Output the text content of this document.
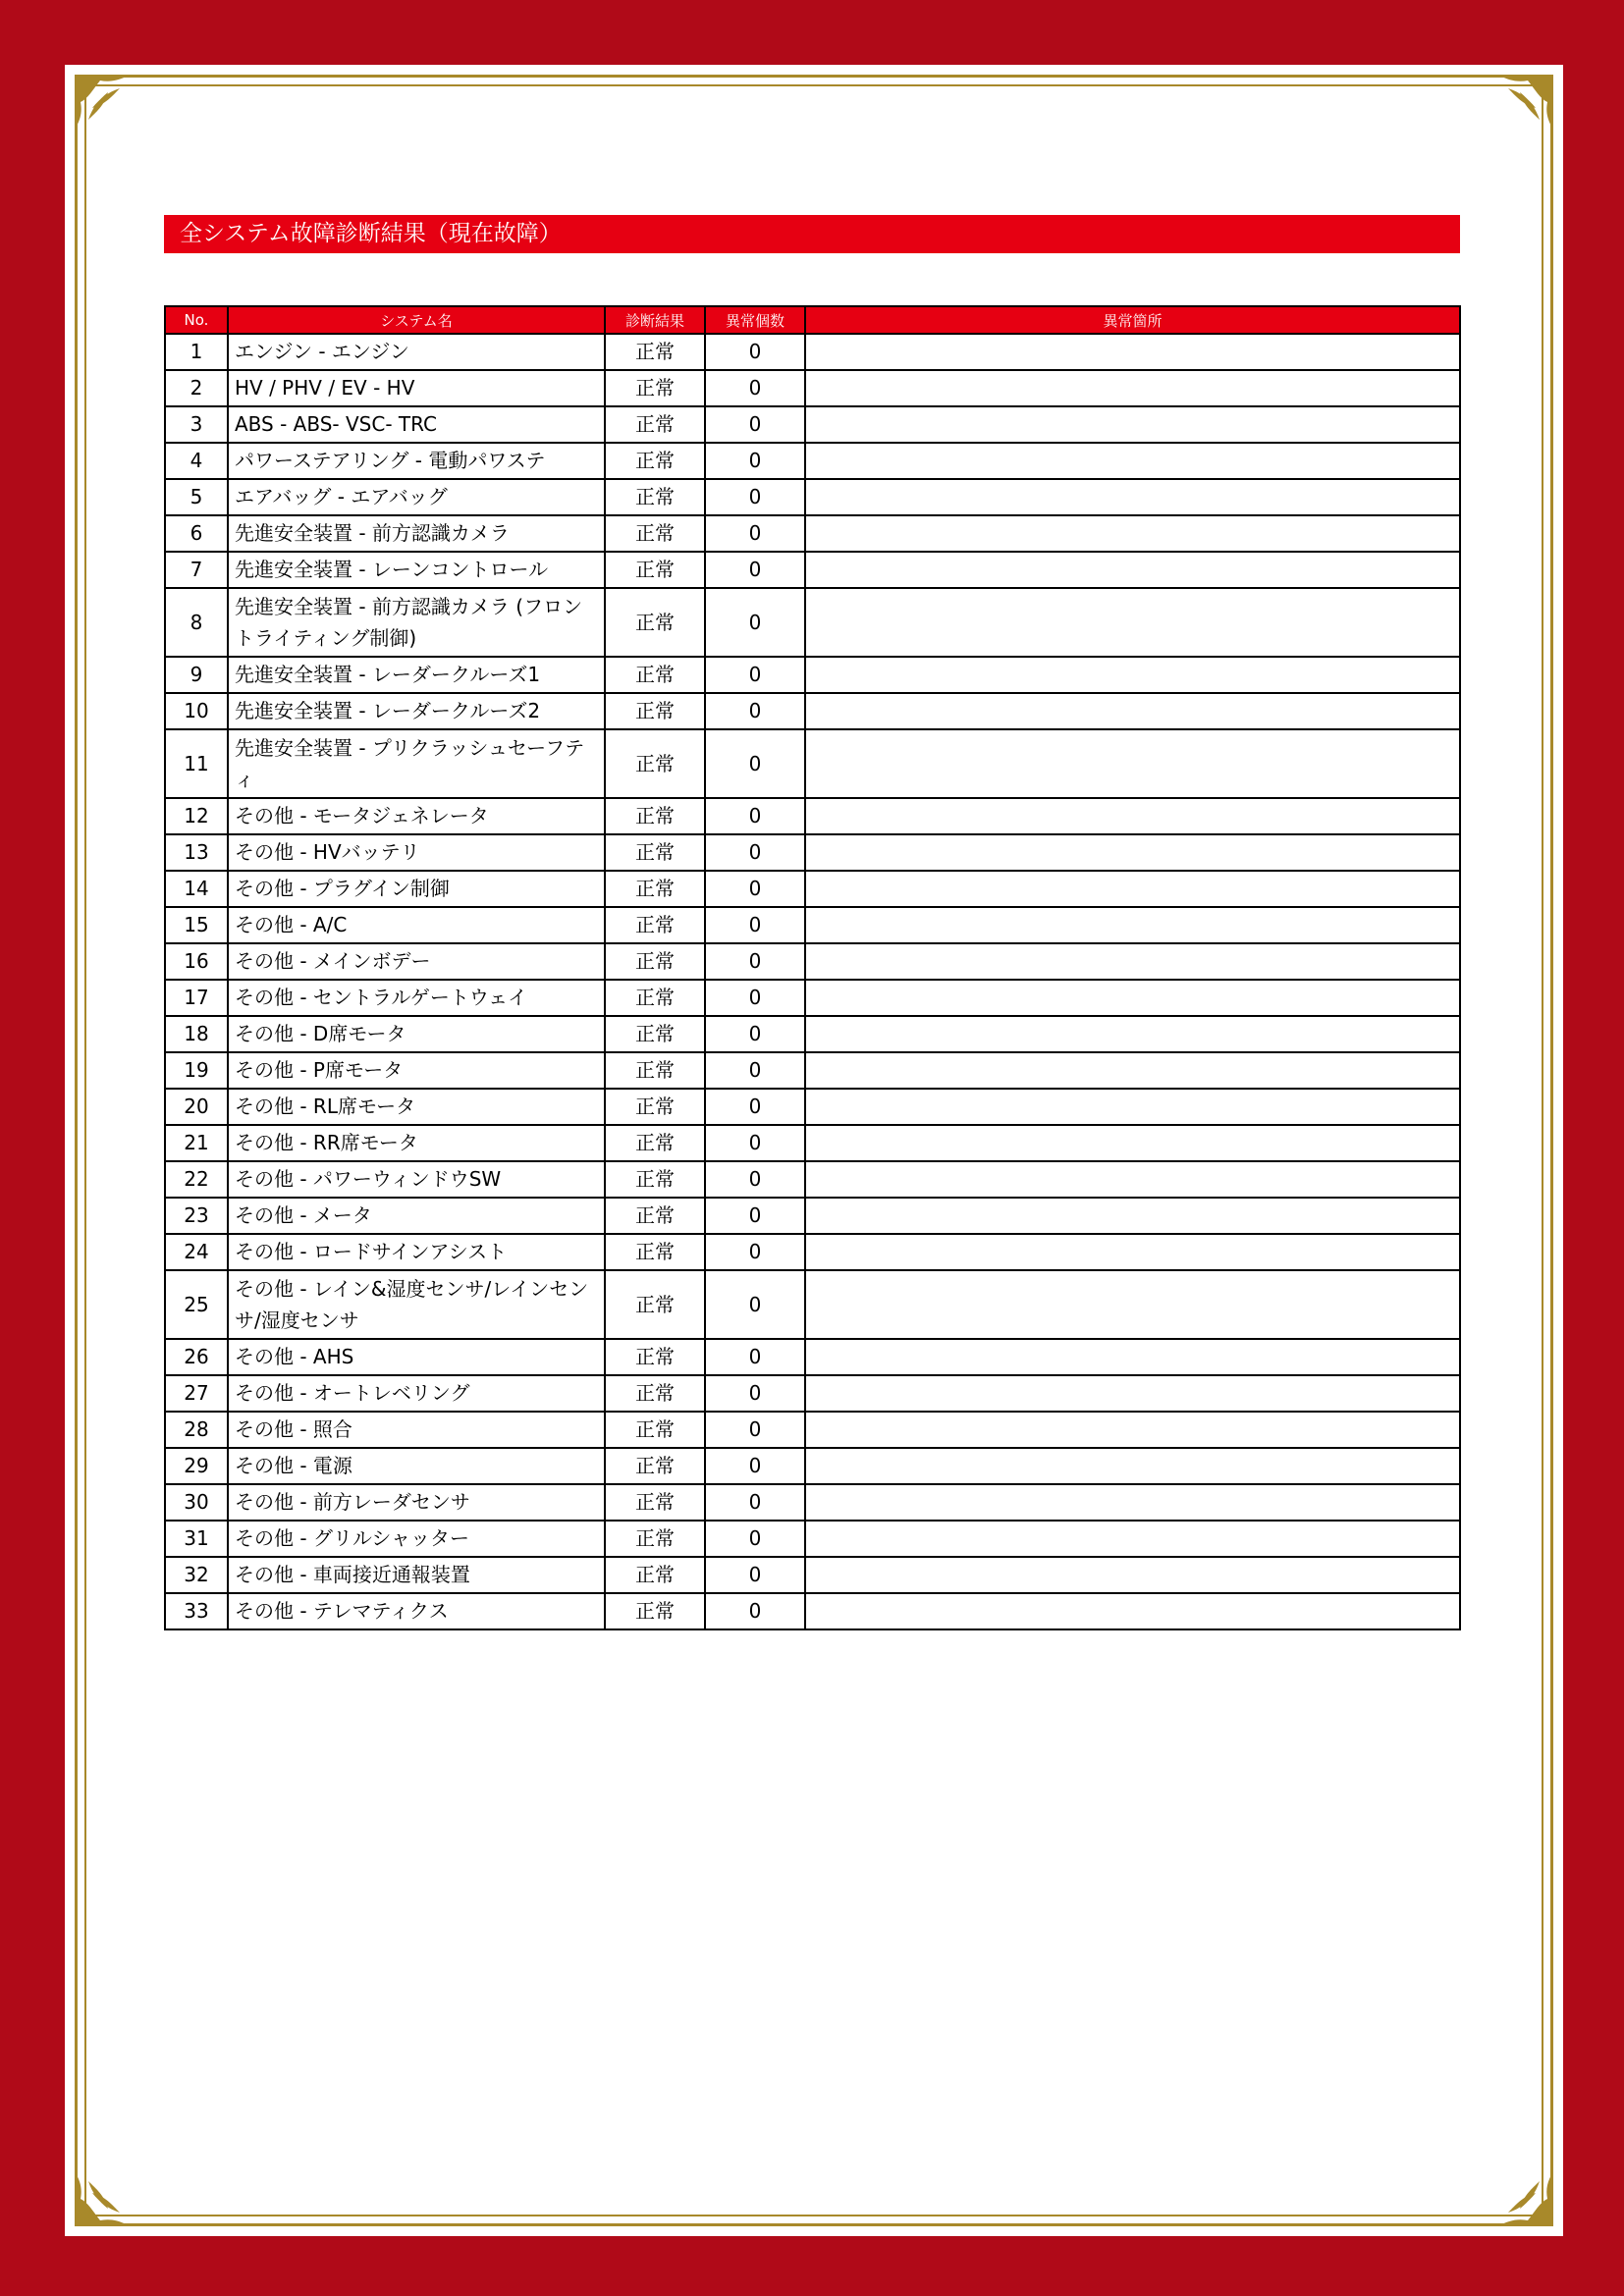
全システム故障診断結果（現在故障）
No.	システム名	診断結果	異常個数	異常箇所
1	エンジン - エンジン	正常	0	
2	HV / PHV / EV - HV	正常	0	
3	ABS - ABS- VSC- TRC	正常	0	
4	パワーステアリング - 電動パワステ	正常	0	
5	エアバッグ - エアバッグ	正常	0	
6	先進安全装置 - 前方認識カメラ	正常	0	
7	先進安全装置 - レーンコントロール	正常	0	
8	先進安全装置 - 前方認識カメラ (フロントライティング制御)	正常	0	
9	先進安全装置 - レーダークルーズ1	正常	0	
10	先進安全装置 - レーダークルーズ2	正常	0	
11	先進安全装置 - プリクラッシュセーフティ	正常	0	
12	その他 - モータジェネレータ	正常	0	
13	その他 - HVバッテリ	正常	0	
14	その他 - プラグイン制御	正常	0	
15	その他 - A/C	正常	0	
16	その他 - メインボデー	正常	0	
17	その他 - セントラルゲートウェイ	正常	0	
18	その他 - D席モータ	正常	0	
19	その他 - P席モータ	正常	0	
20	その他 - RL席モータ	正常	0	
21	その他 - RR席モータ	正常	0	
22	その他 - パワーウィンドウSW	正常	0	
23	その他 - メータ	正常	0	
24	その他 - ロードサインアシスト	正常	0	
25	その他 - レイン&湿度センサ/レインセンサ/湿度センサ	正常	0	
26	その他 - AHS	正常	0	
27	その他 - オートレベリング	正常	0	
28	その他 - 照合	正常	0	
29	その他 - 電源	正常	0	
30	その他 - 前方レーダセンサ	正常	0	
31	その他 - グリルシャッター	正常	0	
32	その他 - 車両接近通報装置	正常	0	
33	その他 - テレマティクス	正常	0	
